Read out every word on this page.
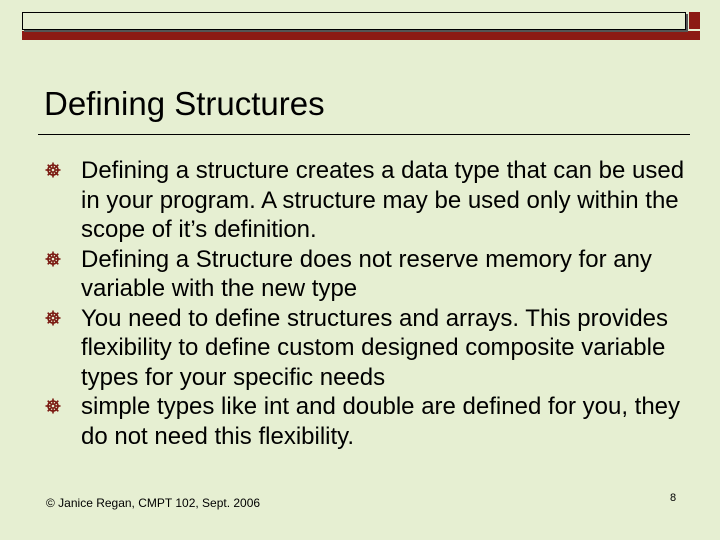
Defining Structures
Defining a structure creates a data type that can be used in your program. A structure may be used only within the scope of it’s definition.
Defining a Structure does not reserve memory for any variable with the new type
You need to define structures and arrays. This provides flexibility to define custom designed composite variable types for your specific needs
simple types like int and double are defined for you, they do not need this flexibility.
© Janice Regan, CMPT 102, Sept. 2006	8
